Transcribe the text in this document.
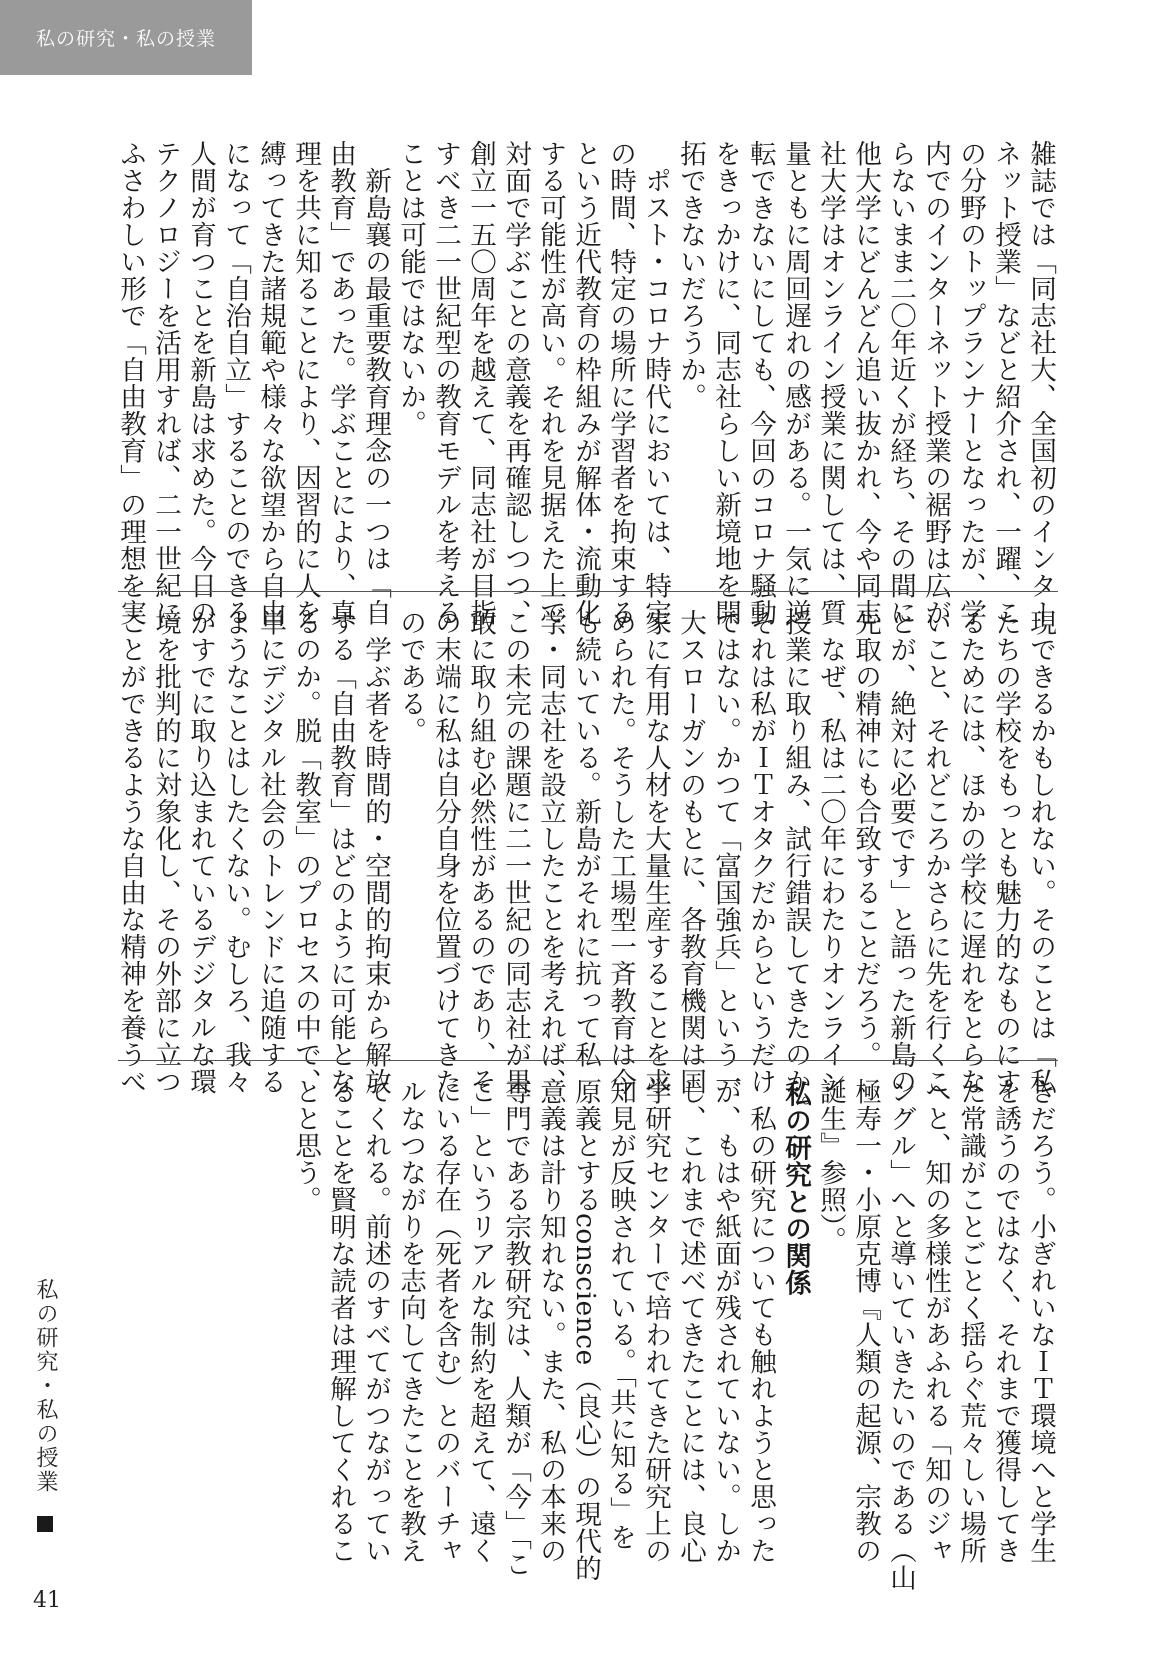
私の研究・私の授業
雑誌では「同志社大、全国初のインター
ネット授業」などと紹介され、一躍、こ
の分野のトップランナーとなったが、学
内でのインターネット授業の裾野は広が
らないまま二〇年近くが経ち、その間に
他大学にどんどん追い抜かれ、今や同志
社大学はオンライン授業に関しては、質
量ともに周回遅れの感がある。一気に逆
転できないにしても、今回のコロナ騒動
をきっかけに、同志社らしい新境地を開
拓できないだろうか。
　ポスト・コロナ時代においては、特定
の時間、特定の場所に学習者を拘束する
という近代教育の枠組みが解体・流動化
する可能性が高い。それを見据えた上で、
対面で学ぶことの意義を再確認しつつ、
創立一五〇周年を越えて、同志社が目指
すべき二一世紀型の教育モデルを考える
ことは可能ではないか。
　新島襄の最重要教育理念の一つは「自
由教育」であった。学ぶことにより、真
理を共に知ることにより、因習的に人を
縛ってきた諸規範や様々な欲望から自由
になって「自治自立」することのできる
人間が育つことを新島は求めた。今日の
テクノロジーを活用すれば、二一世紀に
ふさわしい形で「自由教育」の理想を実
現できるかもしれない。そのことは「私
たちの学校をもっとも魅力的なものにす
るためには、ほかの学校に遅れをとらな
いこと、それどころかさらに先を行くこ
とが、絶対に必要です」と語った新島の
先取の精神にも合致することだろう。
　なぜ、私は二〇年にわたりオンライン
授業に取り組み、試行錯誤してきたのか。
それは私がＩＴオタクだからというだけ
ではない。かつて「富国強兵」という一
大スローガンのもとに、各教育機関は国
家に有用な人材を大量生産することを求
められた。そうした工場型一斉教育は今
も続いている。新島がそれに抗って私
学・同志社を設立したことを考えれば、
この未完の課題に二一世紀の同志社が果
敢に取り組む必然性があるのであり、そ
の末端に私は自分自身を位置づけてきた
のである。
　学ぶ者を時間的・空間的拘束から解放
する「自由教育」はどのように可能とな
るのか。脱「教室」のプロセスの中で、
単にデジタル社会のトレンドに追随する
ようなことはしたくない。むしろ、我々
がすでに取り込まれているデジタルな環
境を批判的に対象化し、その外部に立つ
ことができるような自由な精神を養うべ
きだろう。小ぎれいなＩＴ環境へと学生
を誘うのではなく、それまで獲得してき
た常識がことごとく揺らぐ荒々しい場所
へと、知の多様性があふれる「知のジャ
ングル」へと導いていきたいのである（山
極寿一・小原克博『人類の起源、宗教の
誕生』参照）。
私の研究との関係
　私の研究についても触れようと思った
が、もはや紙面が残されていない。しか
し、これまで述べてきたことには、良心
学研究センターで培われてきた研究上の
知見が反映されている。「共に知る」を
原義とするconscience（良心）の現代的
意義は計り知れない。また、私の本来の
専門である宗教研究は、人類が「今」「こ
こ」というリアルな制約を超えて、遠く
にいる存在（死者を含む）とのバーチャ
ルなつながりを志向してきたことを教え
てくれる。前述のすべてがつながってい
ることを賢明な読者は理解してくれるこ
とと思う。
私の研究・私の授業
41
